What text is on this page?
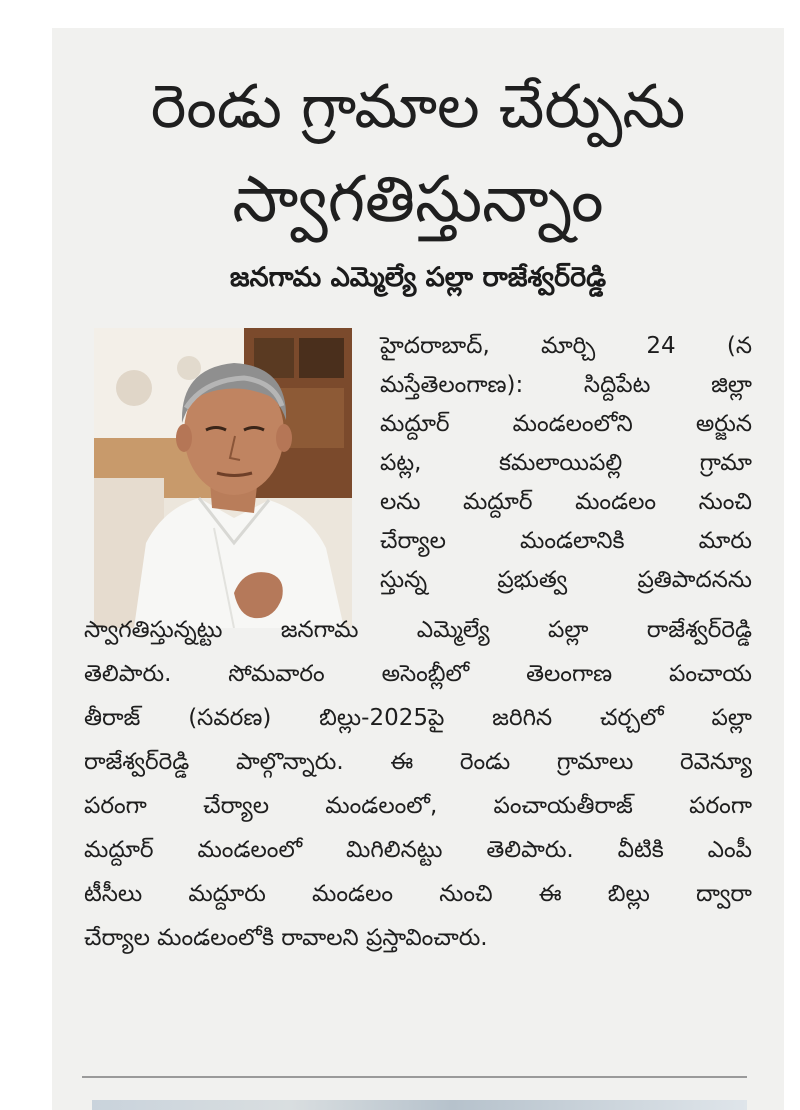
రెండు గ్రామాల చేర్పును
స్వాగతిస్తున్నాం
జనగామ ఎమ్మెల్యే పల్లా రాజేశ్వర్‌రెడ్డి
హైదరాబాద్, మార్చి 24 (న
మస్తేతెలంగాణ): సిద్దిపేట జిల్లా
మద్దూర్ మండలంలోని అర్జున
పట్ల, కమలాయిపల్లి గ్రామా
లను మద్దూర్ మండలం నుంచి
చేర్యాల మండలానికి మారు
స్తున్న ప్రభుత్వ ప్రతిపాదనను
స్వాగతిస్తున్నట్టు జనగామ ఎమ్మెల్యే పల్లా రాజేశ్వర్‌రెడ్డి
తెలిపారు. సోమవారం అసెంబ్లీలో తెలంగాణ పంచాయ
తీరాజ్ (సవరణ) బిల్లు-2025పై జరిగిన చర్చలో పల్లా
రాజేశ్వర్‌రెడ్డి పాల్గొన్నారు. ఈ రెండు గ్రామాలు రెవెన్యూ
పరంగా చేర్యాల మండలంలో, పంచాయతీరాజ్ పరంగా
మద్దూర్ మండలంలో మిగిలినట్టు తెలిపారు. వీటికి ఎంపీ
టీసీలు మద్దూరు మండలం నుంచి ఈ బిల్లు ద్వారా
చేర్యాల మండలంలోకి రావాలని ప్రస్తావించారు.
